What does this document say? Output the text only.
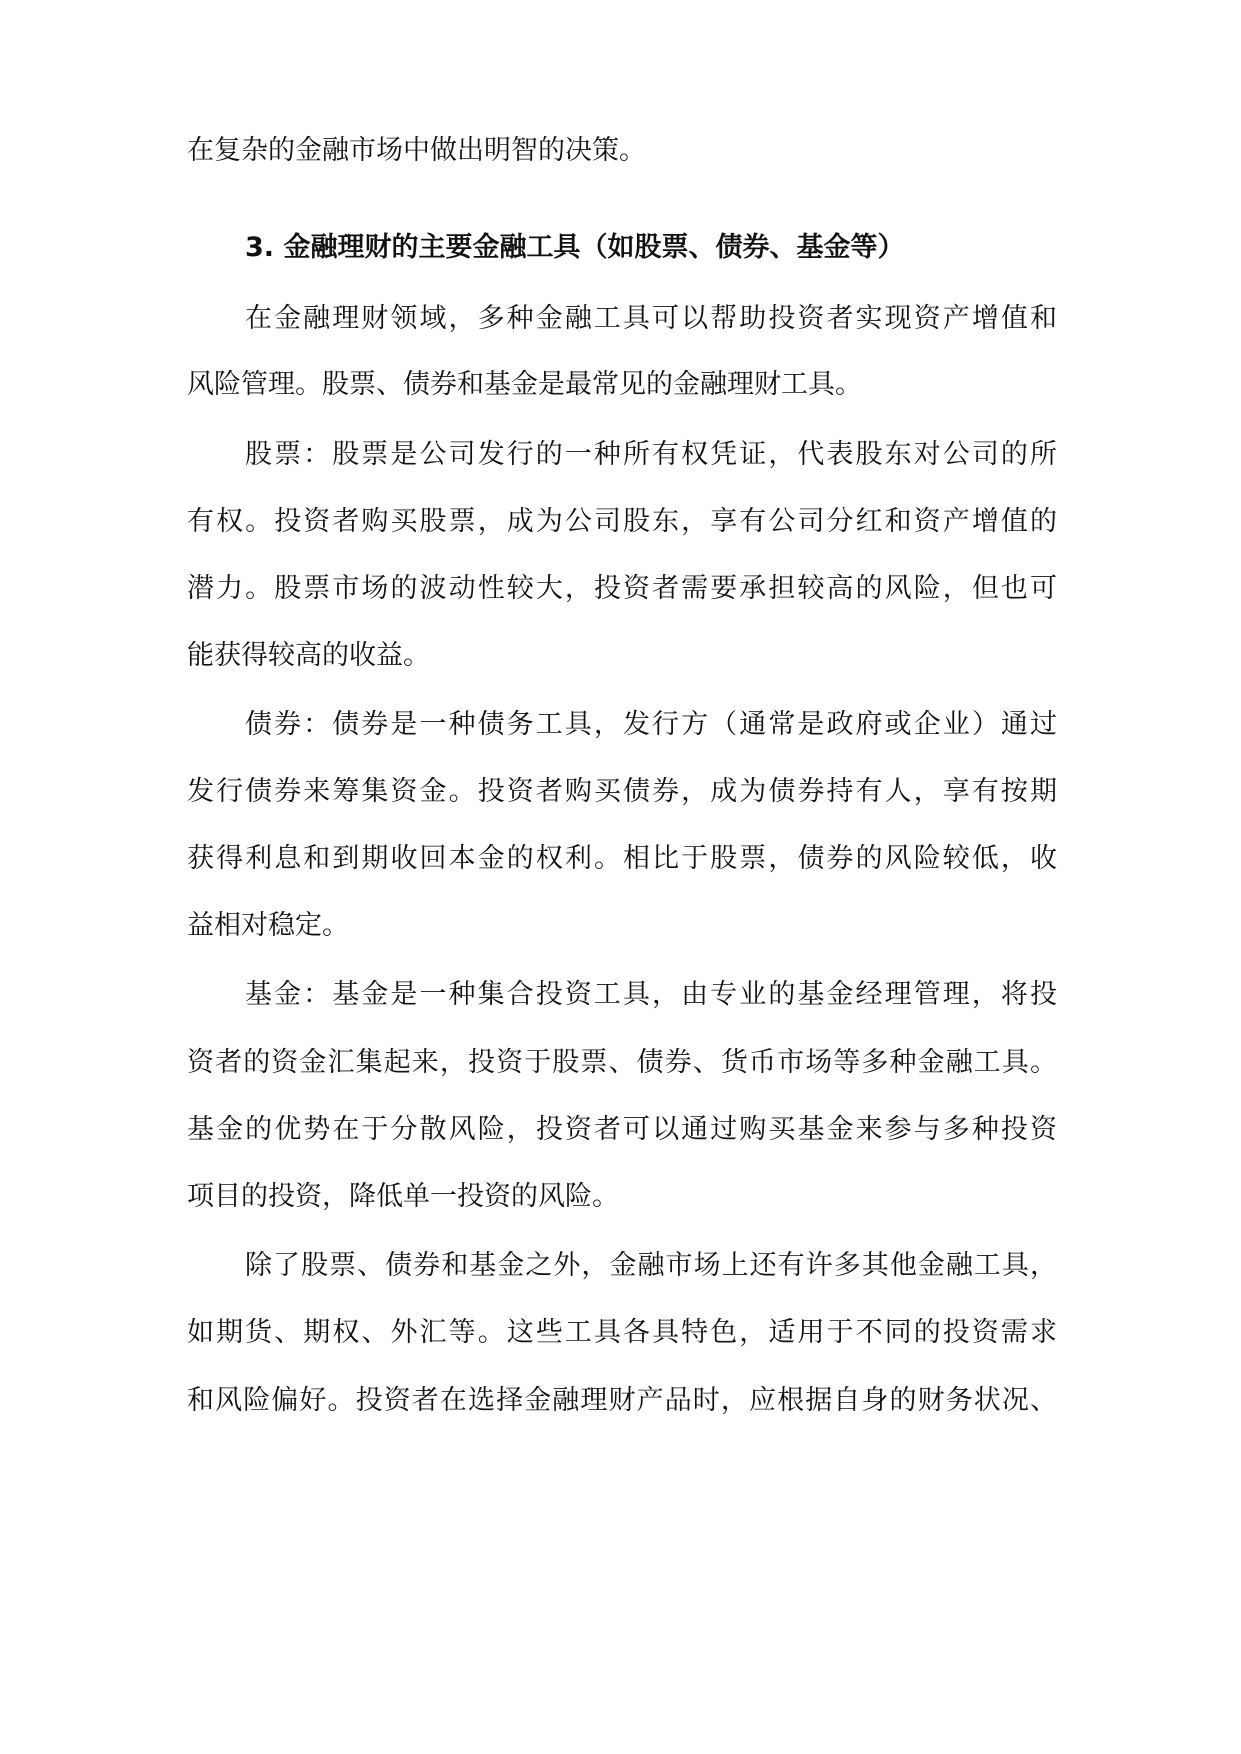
在复杂的金融市场中做出明智的决策。
3. 金融理财的主要金融工具（如股票、债券、基金等）
在金融理财领域，多种金融工具可以帮助投资者实现资产增值和
风险管理。股票、债券和基金是最常见的金融理财工具。
股票：股票是公司发行的一种所有权凭证，代表股东对公司的所
有权。投资者购买股票，成为公司股东，享有公司分红和资产增值的
潜力。股票市场的波动性较大，投资者需要承担较高的风险，但也可
能获得较高的收益。
债券：债券是一种债务工具，发行方（通常是政府或企业）通过
发行债券来筹集资金。投资者购买债券，成为债券持有人，享有按期
获得利息和到期收回本金的权利。相比于股票，债券的风险较低，收
益相对稳定。
基金：基金是一种集合投资工具，由专业的基金经理管理，将投
资者的资金汇集起来，投资于股票、债券、货币市场等多种金融工具。
基金的优势在于分散风险，投资者可以通过购买基金来参与多种投资
项目的投资，降低单一投资的风险。
除了股票、债券和基金之外，金融市场上还有许多其他金融工具，
如期货、期权、外汇等。这些工具各具特色，适用于不同的投资需求
和风险偏好。投资者在选择金融理财产品时，应根据自身的财务状况、
